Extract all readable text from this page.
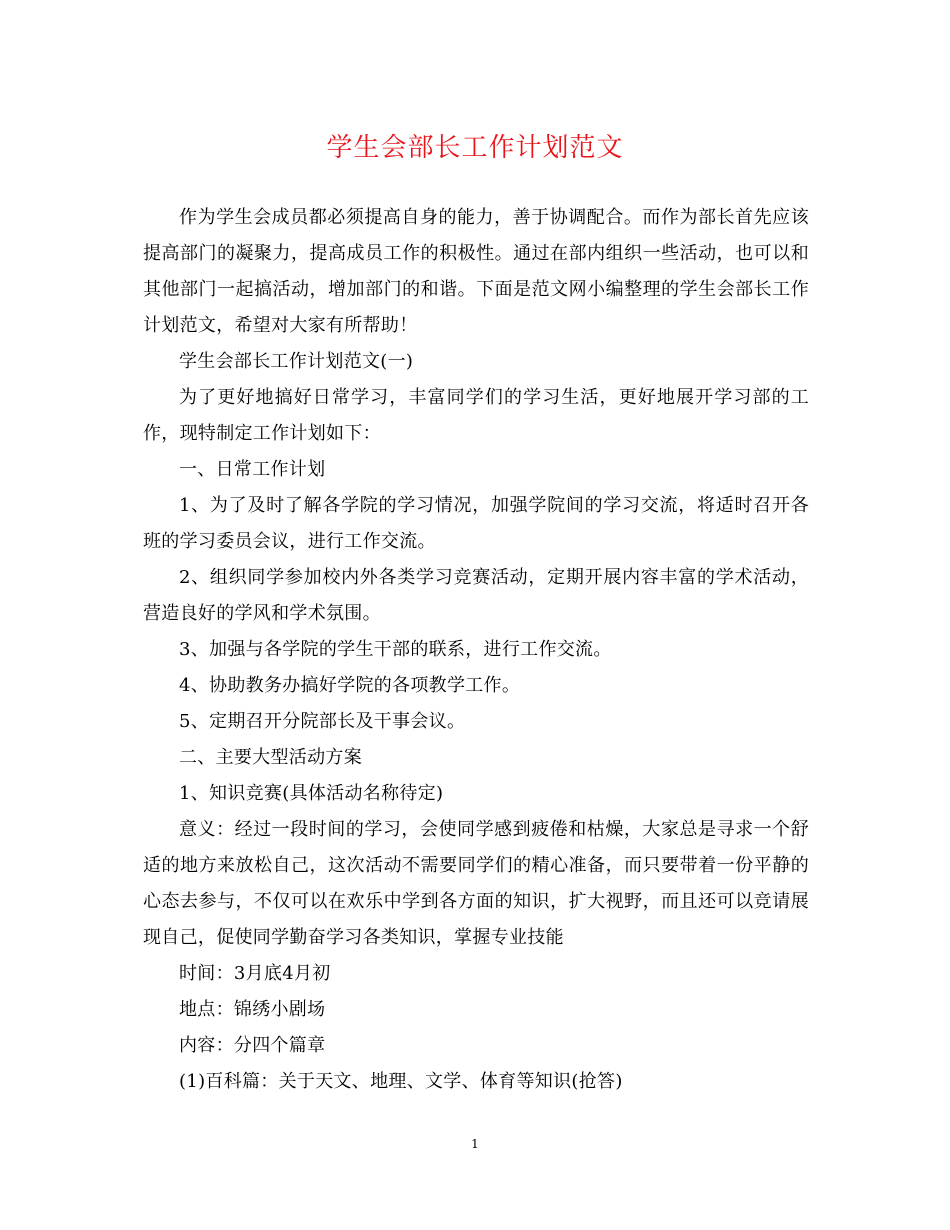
学生会部长工作计划范文

作为学生会成员都必须提高自身的能力，善于协调配合。而作为部长首先应该提高部门的凝聚力，提高成员工作的积极性。通过在部内组织一些活动，也可以和其他部门一起搞活动，增加部门的和谐。下面是范文网小编整理的学生会部长工作计划范文，希望对大家有所帮助！

学生会部长工作计划范文(一)

为了更好地搞好日常学习，丰富同学们的学习生活，更好地展开学习部的工作，现特制定工作计划如下：

一、日常工作计划

1、为了及时了解各学院的学习情况，加强学院间的学习交流，将适时召开各班的学习委员会议，进行工作交流。

2、组织同学参加校内外各类学习竞赛活动，定期开展内容丰富的学术活动，营造良好的学风和学术氛围。

3、加强与各学院的学生干部的联系，进行工作交流。

4、协助教务办搞好学院的各项教学工作。

5、定期召开分院部长及干事会议。

二、主要大型活动方案

1、知识竞赛(具体活动名称待定)

意义：经过一段时间的学习，会使同学感到疲倦和枯燥，大家总是寻求一个舒适的地方来放松自己，这次活动不需要同学们的精心准备，而只要带着一份平静的心态去参与，不仅可以在欢乐中学到各方面的知识，扩大视野，而且还可以竞请展现自己，促使同学勤奋学习各类知识，掌握专业技能

时间：3月底4月初

地点：锦绣小剧场

内容：分四个篇章

(1)百科篇：关于天文、地理、文学、体育等知识(抢答)

1
